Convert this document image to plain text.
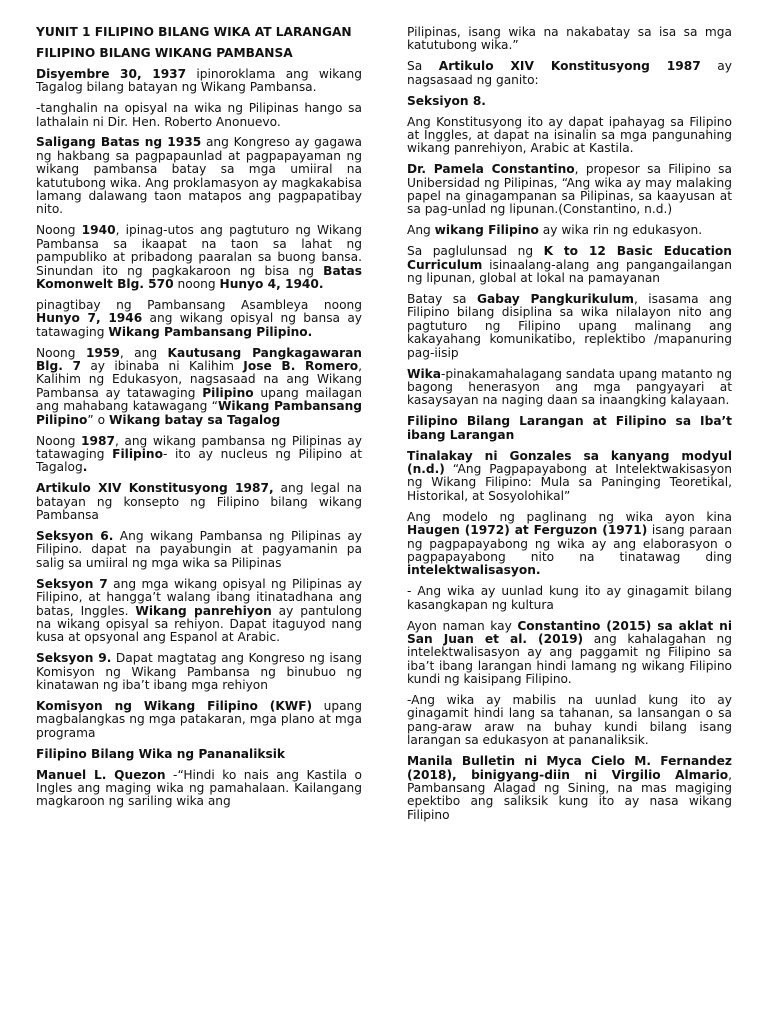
YUNIT 1 FILIPINO BILANG WIKA AT LARANGAN

FILIPINO BILANG WIKANG PAMBANSA

Disyembre 30, 1937 ipinoroklama ang wikang Tagalog bilang batayan ng Wikang Pambansa.

-tanghalin na opisyal na wika ng Pilipinas hango sa lathalain ni Dir. Hen. Roberto Anonuevo.

Saligang Batas ng 1935 ang Kongreso ay gagawa ng hakbang sa pagpapaunlad at pagpapayaman ng wikang pambansa batay sa mga umiiral na katutubong wika. Ang proklamasyon ay magkakabisa lamang dalawang taon matapos ang pagpapatibay nito.

Noong 1940, ipinag-utos ang pagtuturo ng Wikang Pambansa sa ikaapat na taon sa lahat ng pampubliko at pribadong paaralan sa buong bansa. Sinundan ito ng pagkakaroon ng bisa ng Batas Komonwelt Blg. 570 noong Hunyo 4, 1940.

pinagtibay ng Pambansang Asambleya noong Hunyo 7, 1946 ang wikang opisyal ng bansa ay tatawaging Wikang Pambansang Pilipino.

Noong 1959, ang Kautusang Pangkagawaran Blg. 7 ay ibinaba ni Kalihim Jose B. Romero, Kalihim ng Edukasyon, nagsasaad na ang Wikang Pambansa ay tatawaging Pilipino upang mailagan ang mahabang katawagang “Wikang Pambansang Pilipino” o Wikang batay sa Tagalog

Noong 1987, ang wikang pambansa ng Pilipinas ay tatawaging Filipino- ito ay nucleus ng Pilipino at Tagalog.

Artikulo XIV Konstitusyong 1987, ang legal na batayan ng konsepto ng Filipino bilang wikang Pambansa

Seksyon 6. Ang wikang Pambansa ng Pilipinas ay Filipino. dapat na payabungin at pagyamanin pa salig sa umiiral ng mga wika sa Pilipinas

Seksyon 7 ang mga wikang opisyal ng Pilipinas ay Filipino, at hangga’t walang ibang itinatadhana ang batas, Inggles. Wikang panrehiyon ay pantulong na wikang opisyal sa rehiyon. Dapat itaguyod nang kusa at opsyonal ang Espanol at Arabic.

Seksyon 9. Dapat magtatag ang Kongreso ng isang Komisyon ng Wikang Pambansa ng binubuo ng kinatawan ng iba’t ibang mga rehiyon

Komisyon ng Wikang Filipino (KWF) upang magbalangkas ng mga patakaran, mga plano at mga programa

Filipino Bilang Wika ng Pananaliksik

Manuel L. Quezon -“Hindi ko nais ang Kastila o Ingles ang maging wika ng pamahalaan. Kailangang magkaroon ng sariling wika ang

Pilipinas, isang wika na nakabatay sa isa sa mga katutubong wika.”

Sa Artikulo XIV Konstitusyong 1987 ay nagsasaad ng ganito:

Seksiyon 8.

Ang Konstitusyong ito ay dapat ipahayag sa Filipino at Inggles, at dapat na isinalin sa mga pangunahing wikang panrehiyon, Arabic at Kastila.

Dr. Pamela Constantino, propesor sa Filipino sa Unibersidad ng Pilipinas, “Ang wika ay may malaking papel na ginagampanan sa Pilipinas, sa kaayusan at sa pag-unlad ng lipunan.(Constantino, n.d.)

Ang wikang Filipino ay wika rin ng edukasyon.

Sa paglulunsad ng K to 12 Basic Education Curriculum isinaalang-alang ang pangangailangan ng lipunan, global at lokal na pamayanan

Batay sa Gabay Pangkurikulum, isasama ang Filipino bilang disiplina sa wika nilalayon nito ang pagtuturo ng Filipino upang malinang ang kakayahang komunikatibo, replektibo /mapanuring pag-iisip

Wika-pinakamahalagang sandata upang matanto ng bagong henerasyon ang mga pangyayari at kasaysayan na naging daan sa inaangking kalayaan.

Filipino Bilang Larangan at Filipino sa Iba’t ibang Larangan

Tinalakay ni Gonzales sa kanyang modyul (n.d.) “Ang Pagpapayabong at Intelektwakisasyon ng Wikang Filipino: Mula sa Paninging Teoretikal, Historikal, at Sosyolohikal”

Ang modelo ng paglinang ng wika ayon kina Haugen (1972) at Ferguzon (1971) isang paraan ng pagpapayabong ng wika ay ang elaborasyon o pagpapayabong nito na tinatawag ding intelektwalisasyon.

- Ang wika ay uunlad kung ito ay ginagamit bilang kasangkapan ng kultura

Ayon naman kay Constantino (2015) sa aklat ni San Juan et al. (2019) ang kahalagahan ng intelektwalisasyon ay ang paggamit ng Filipino sa iba’t ibang larangan hindi lamang ng wikang Filipino kundi ng kaisipang Filipino.

-Ang wika ay mabilis na uunlad kung ito ay ginagamit hindi lang sa tahanan, sa lansangan o sa pang-araw araw na buhay kundi bilang isang larangan sa edukasyon at pananaliksik.

Manila Bulletin ni Myca Cielo M. Fernandez (2018), binigyang-diin ni Virgilio Almario, Pambansang Alagad ng Sining, na mas magiging epektibo ang saliksik kung ito ay nasa wikang Filipino
